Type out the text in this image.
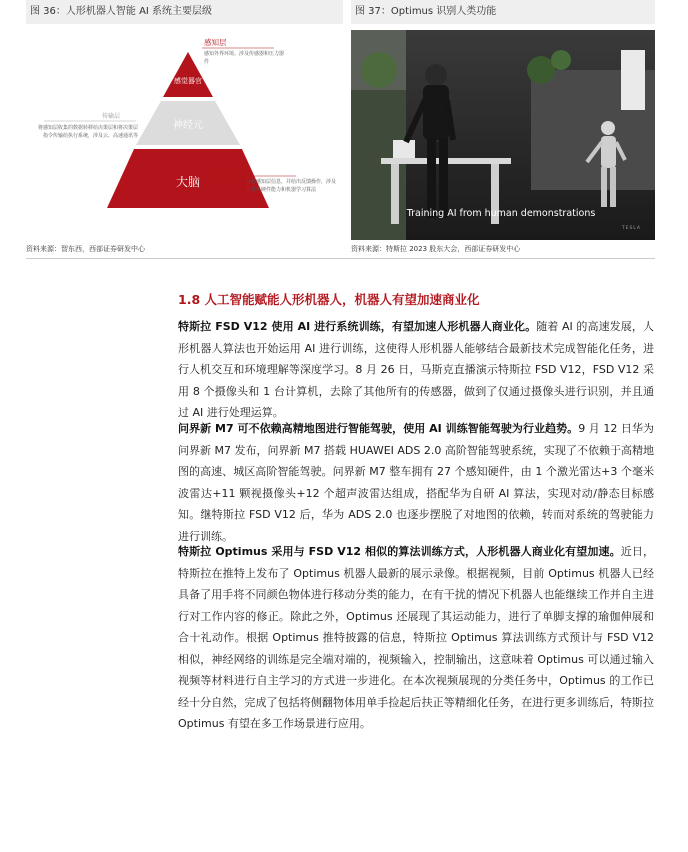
图 36：人形机器人智能 AI 系统主要层级
感觉器官
神经元
大脑
感知层
传输层
决策层
感知外界环境、涉及传感器和压力器件
将感知层收集的数据转移给决策层和将决策层指令传输给执行系统，涉及云、高速通讯等
分析感知层信息，并给出反馈操作，涉及计算机硬件能力和机器学习算法
资料来源：智东西，西部证券研发中心
图 37：Optimus 识别人类功能
Training AI from human demonstrations
TESLA
资料来源：特斯拉 2023 股东大会，西部证券研发中心
1.8 人工智能赋能人形机器人，机器人有望加速商业化
特斯拉 FSD V12 使用 AI 进行系统训练，有望加速人形机器人商业化。随着 AI 的高速发展，人形机器人算法也开始运用 AI 进行训练，这使得人形机器人能够结合最新技术完成智能化任务，进行人机交互和环境理解等深度学习。8 月 26 日，马斯克直播演示特斯拉 FSD V12，FSD V12 采用 8 个摄像头和 1 台计算机，去除了其他所有的传感器，做到了仅通过摄像头进行识别，并且通过 AI 进行处理运算。
问界新 M7 可不依赖高精地图进行智能驾驶，使用 AI 训练智能驾驶为行业趋势。9 月 12 日华为问界新 M7 发布，问界新 M7 搭载 HUAWEI ADS 2.0 高阶智能驾驶系统，实现了不依赖于高精地图的高速、城区高阶智能驾驶。问界新 M7 整车拥有 27 个感知硬件，由 1 个激光雷达+3 个毫米波雷达+11 颗视摄像头+12 个超声波雷达组成，搭配华为自研 AI 算法，实现对动/静态目标感知。继特斯拉 FSD V12 后，华为 ADS 2.0 也逐步摆脱了对地图的依赖，转而对系统的驾驶能力进行训练。
特斯拉 Optimus 采用与 FSD V12 相似的算法训练方式，人形机器人商业化有望加速。近日，特斯拉在推特上发布了 Optimus 机器人最新的展示录像。根据视频，目前 Optimus 机器人已经具备了用手将不同颜色物体进行移动分类的能力，在有干扰的情况下机器人也能继续工作并自主进行对工作内容的修正。除此之外，Optimus 还展现了其运动能力，进行了单脚支撑的瑜伽伸展和合十礼动作。根据 Optimus 推特披露的信息，特斯拉 Optimus 算法训练方式预计与 FSD V12 相似，神经网络的训练是完全端对端的，视频输入，控制输出，这意味着 Optimus 可以通过输入视频等材料进行自主学习的方式进一步进化。在本次视频展现的分类任务中，Optimus 的工作已经十分自然，完成了包括将侧翻物体用单手捡起后扶正等精细化任务，在进行更多训练后，特斯拉 Optimus 有望在多工作场景进行应用。
